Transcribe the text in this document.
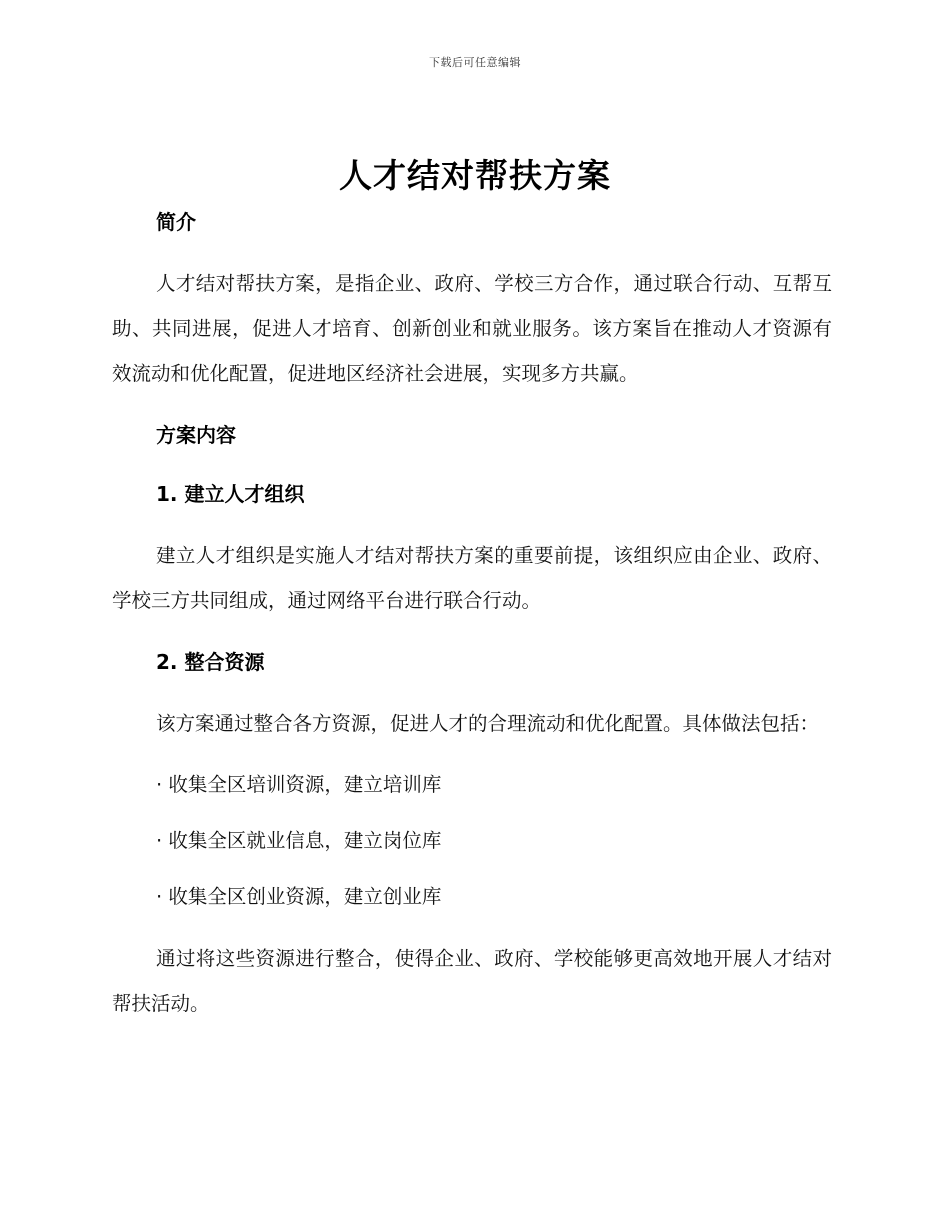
下载后可任意编辑
人才结对帮扶方案
简介

人才结对帮扶方案，是指企业、政府、学校三方合作，通过联合行动、互帮互助、共同进展，促进人才培育、创新创业和就业服务。该方案旨在推动人才资源有效流动和优化配置，促进地区经济社会进展，实现多方共赢。

方案内容
1. 建立人才组织

建立人才组织是实施人才结对帮扶方案的重要前提，该组织应由企业、政府、学校三方共同组成，通过网络平台进行联合行动。

2. 整合资源

该方案通过整合各方资源，促进人才的合理流动和优化配置。具体做法包括：

· 收集全区培训资源，建立培训库
· 收集全区就业信息，建立岗位库
· 收集全区创业资源，建立创业库

通过将这些资源进行整合，使得企业、政府、学校能够更高效地开展人才结对帮扶活动。
